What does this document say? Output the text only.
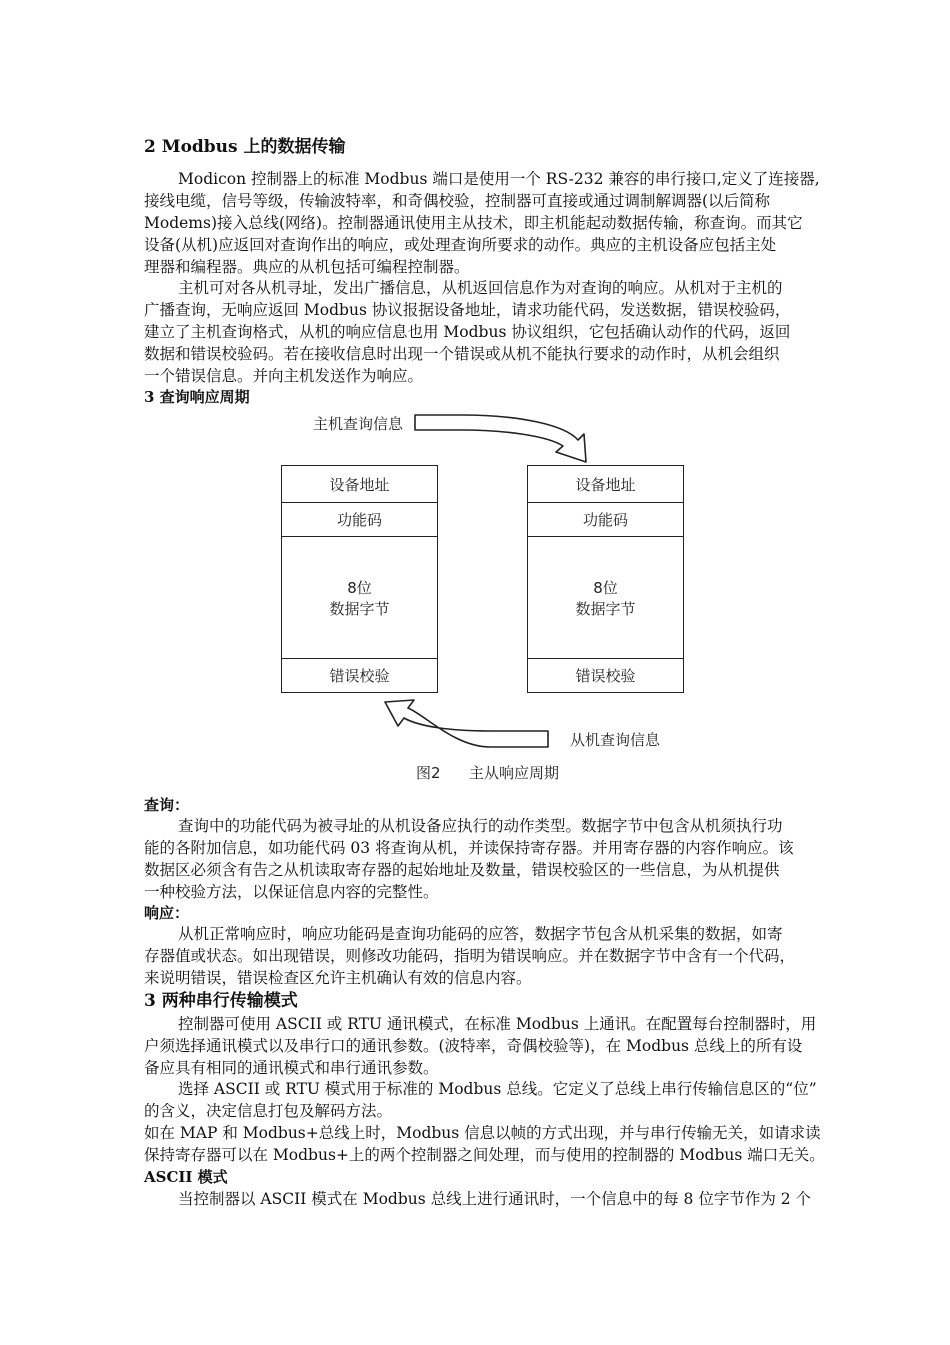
2 Modbus 上的数据传输
Modicon 控制器上的标准 Modbus 端口是使用一个 RS-232 兼容的串行接口,定义了连接器,
接线电缆，信号等级，传输波特率，和奇偶校验，控制器可直接或通过调制解调器(以后简称
Modems)接入总线(网络)。控制器通讯使用主从技术，即主机能起动数据传输，称查询。而其它
设备(从机)应返回对查询作出的响应，或处理查询所要求的动作。典应的主机设备应包括主处
理器和编程器。典应的从机包括可编程控制器。
主机可对各从机寻址，发出广播信息，从机返回信息作为对查询的响应。从机对于主机的
广播查询，无响应返回 Modbus 协议报据设备地址，请求功能代码，发送数据，错误校验码，
建立了主机查询格式，从机的响应信息也用 Modbus 协议组织，它包括确认动作的代码，返回
数据和错误校验码。若在接收信息时出现一个错误或从机不能执行要求的动作时，从机会组织
一个错误信息。并向主机发送作为响应。
3 查询响应周期
主机查询信息
设备地址
功能码
8位
数据字节
错误校验
设备地址
功能码
8位
数据字节
错误校验
从机查询信息
图2 主从响应周期
查询：
查询中的功能代码为被寻址的从机设备应执行的动作类型。数据字节中包含从机须执行功
能的各附加信息，如功能代码 03 将查询从机，并读保持寄存器。并用寄存器的内容作响应。该
数据区必须含有告之从机读取寄存器的起始地址及数量，错误校验区的一些信息，为从机提供
一种校验方法，以保证信息内容的完整性。
响应：
从机正常响应时，响应功能码是查询功能码的应答，数据字节包含从机采集的数据，如寄
存器值或状态。如出现错误，则修改功能码，指明为错误响应。并在数据字节中含有一个代码，
来说明错误，错误检查区允许主机确认有效的信息内容。
3 两种串行传输模式
控制器可使用 ASCII 或 RTU 通讯模式，在标准 Modbus 上通讯。在配置每台控制器时，用
户须选择通讯模式以及串行口的通讯参数。(波特率，奇偶校验等)，在 Modbus 总线上的所有设
备应具有相同的通讯模式和串行通讯参数。
选择 ASCII 或 RTU 模式用于标准的 Modbus 总线。它定义了总线上串行传输信息区的“位”
的含义，决定信息打包及解码方法。
如在 MAP 和 Modbus+总线上时，Modbus 信息以帧的方式出现，并与串行传输无关，如请求读
保持寄存器可以在 Modbus+上的两个控制器之间处理，而与使用的控制器的 Modbus 端口无关。
ASCII 模式
当控制器以 ASCII 模式在 Modbus 总线上进行通讯时，一个信息中的每 8 位字节作为 2 个
